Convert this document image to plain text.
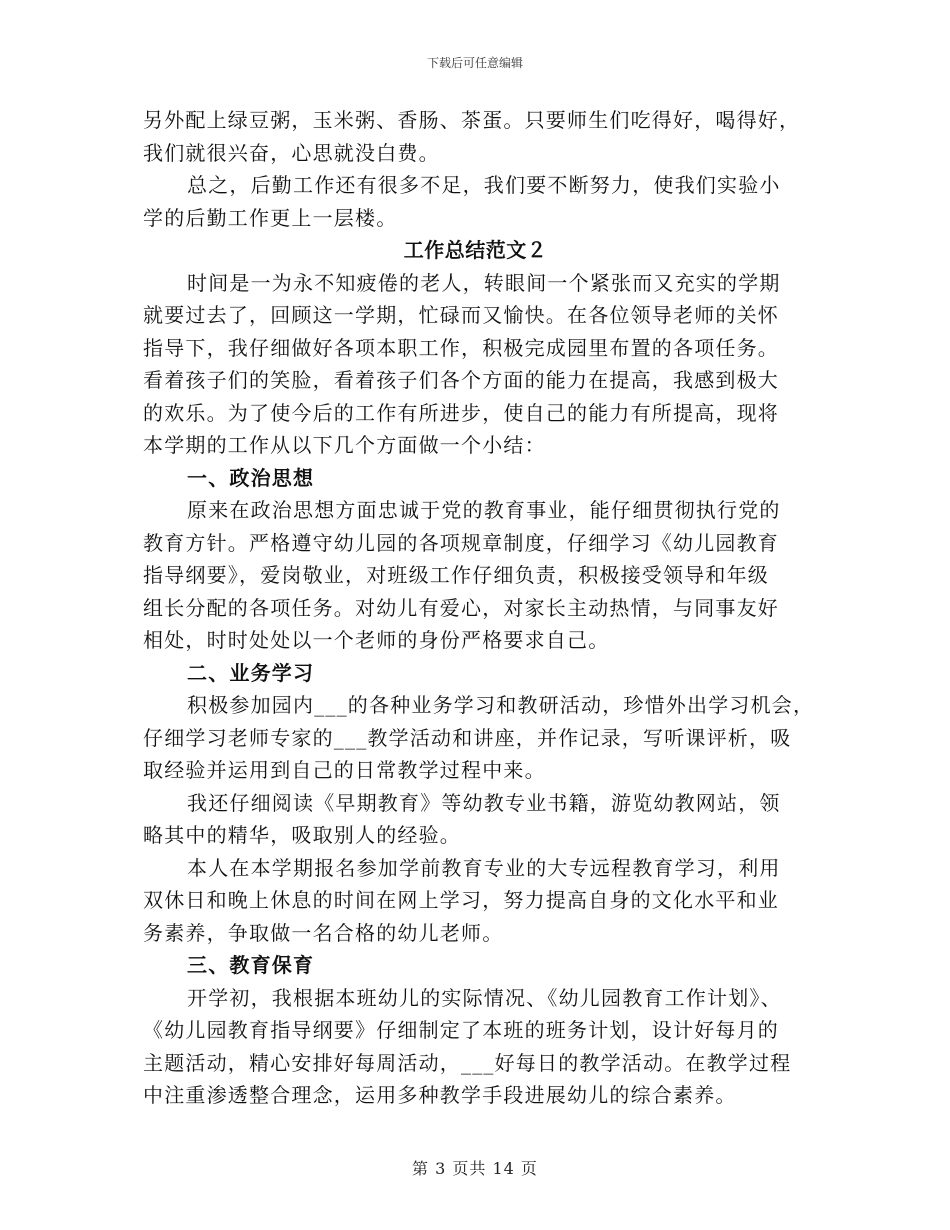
下载后可任意编辑
另外配上绿豆粥，玉米粥、香肠、茶蛋。只要师生们吃得好，喝得好，
我们就很兴奋，心思就没白费。
总之，后勤工作还有很多不足，我们要不断努力，使我们实验小
学的后勤工作更上一层楼。
工作总结范文２
时间是一为永不知疲倦的老人，转眼间一个紧张而又充实的学期
就要过去了，回顾这一学期，忙碌而又愉快。在各位领导老师的关怀
指导下，我仔细做好各项本职工作，积极完成园里布置的各项任务。
看着孩子们的笑脸，看着孩子们各个方面的能力在提高，我感到极大
的欢乐。为了使今后的工作有所进步，使自己的能力有所提高，现将
本学期的工作从以下几个方面做一个小结：
一、政治思想
原来在政治思想方面忠诚于党的教育事业，能仔细贯彻执行党的
教育方针。严格遵守幼儿园的各项规章制度，仔细学习《幼儿园教育
指导纲要》，爱岗敬业，对班级工作仔细负责，积极接受领导和年级
组长分配的各项任务。对幼儿有爱心，对家长主动热情，与同事友好
相处，时时处处以一个老师的身份严格要求自己。
二、业务学习
积极参加园内___的各种业务学习和教研活动，珍惜外出学习机会，
仔细学习老师专家的___教学活动和讲座，并作记录，写听课评析，吸
取经验并运用到自己的日常教学过程中来。
我还仔细阅读《早期教育》等幼教专业书籍，游览幼教网站，领
略其中的精华，吸取别人的经验。
本人在本学期报名参加学前教育专业的大专远程教育学习，利用
双休日和晚上休息的时间在网上学习，努力提高自身的文化水平和业
务素养，争取做一名合格的幼儿老师。
三、教育保育
开学初，我根据本班幼儿的实际情况、《幼儿园教育工作计划》、
《幼儿园教育指导纲要》仔细制定了本班的班务计划，设计好每月的
主题活动，精心安排好每周活动，___好每日的教学活动。在教学过程
中注重渗透整合理念，运用多种教学手段进展幼儿的综合素养。
第 3 页共 14 页
